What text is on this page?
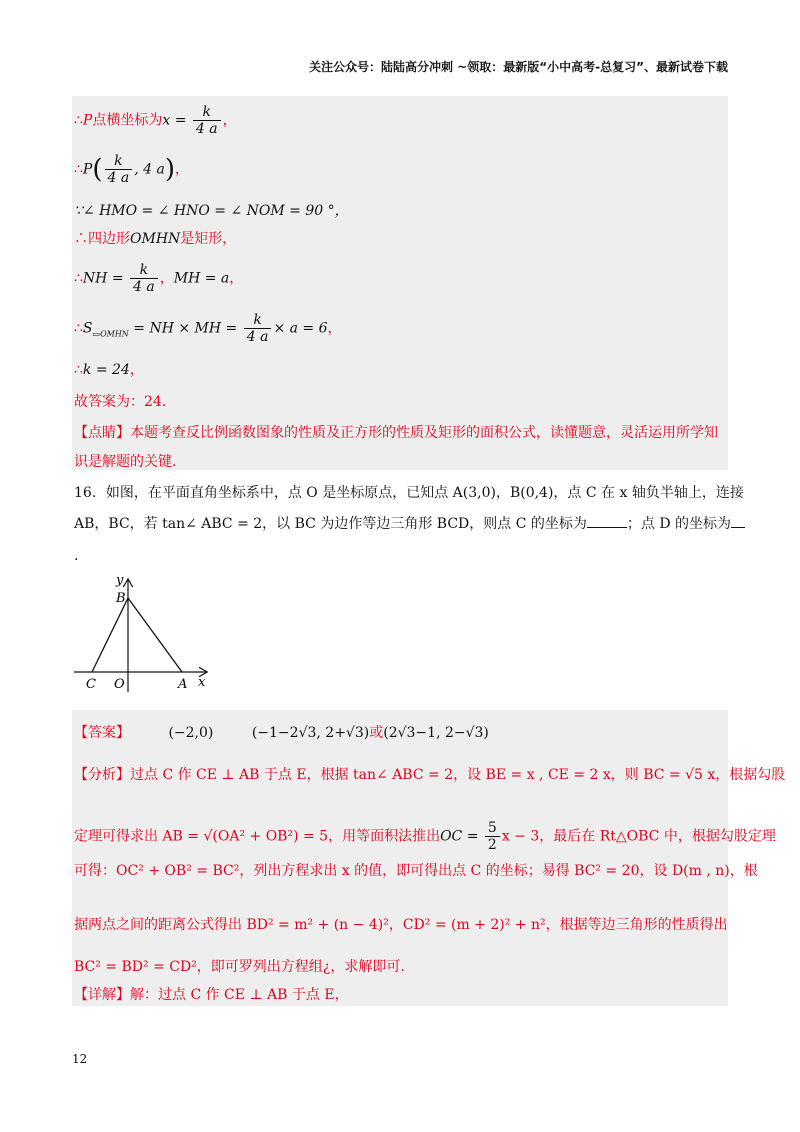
关注公众号：陆陆高分冲刺 ~领取：最新版“小中高考-总复习”、最新试卷下载
∴P点横坐标为$x = \frac{k}{4 a}$ ，
∴P( $\frac{k}{4 a}$ , 4 a)，
∵∠ HMO = ∠ HNO = ∠ NOM = 90 °，
∴四边形OMHN是矩形，
∴NH = $\frac{k}{4 a}$ ，MH = a，
$\therefore S_{▭OMHN}$ = NH × MH = $\frac{k}{4 a} \times a = 6$，
∴k = 24，
故答案为：24.
【点睛】本题考查反比例函数图象的性质及正方形的性质及矩形的面积公式，读懂题意，灵活运用所学知
识是解题的关键.
16．如图，在平面直角坐标系中，点 O 是坐标原点，已知点 A(3,0)，B(0,4)，点 C 在 x 轴负半轴上，连接
AB，BC，若 tan∠ ABC = 2，以 BC 为边作等边三角形 BCD，则点 C 的坐标为	；点 D 的坐标为
.
y
B
C O	A x
【答案】	(−2,0)	(−1−2√3, 2+√3)或(2√3−1, 2−√3)
【分析】过点 C 作 CE ⊥ AB 于点 E，根据 tan∠ ABC = 2，设 BE = x , CE = 2 x，则 BC = √5 x，根据勾股
定理可得求出 AB = √(OA² + OB²) = 5，用等面积法推出OC = $\frac{5}{2}$ x − 3，最后在 Rt△OBC 中，根据勾股定理
可得：OC² + OB² = BC²，列出方程求出 x 的值，即可得出点 C 的坐标；易得 BC² = 20，设 D(m , n)，根
据两点之间的距离公式得出 BD² = m² + (n − 4)²，CD² = (m + 2)² + n²，根据等边三角形的性质得出
BC² = BD² = CD²，即可罗列出方程组¿，求解即可.
【详解】解：过点 C 作 CE ⊥ AB 于点 E，
12
